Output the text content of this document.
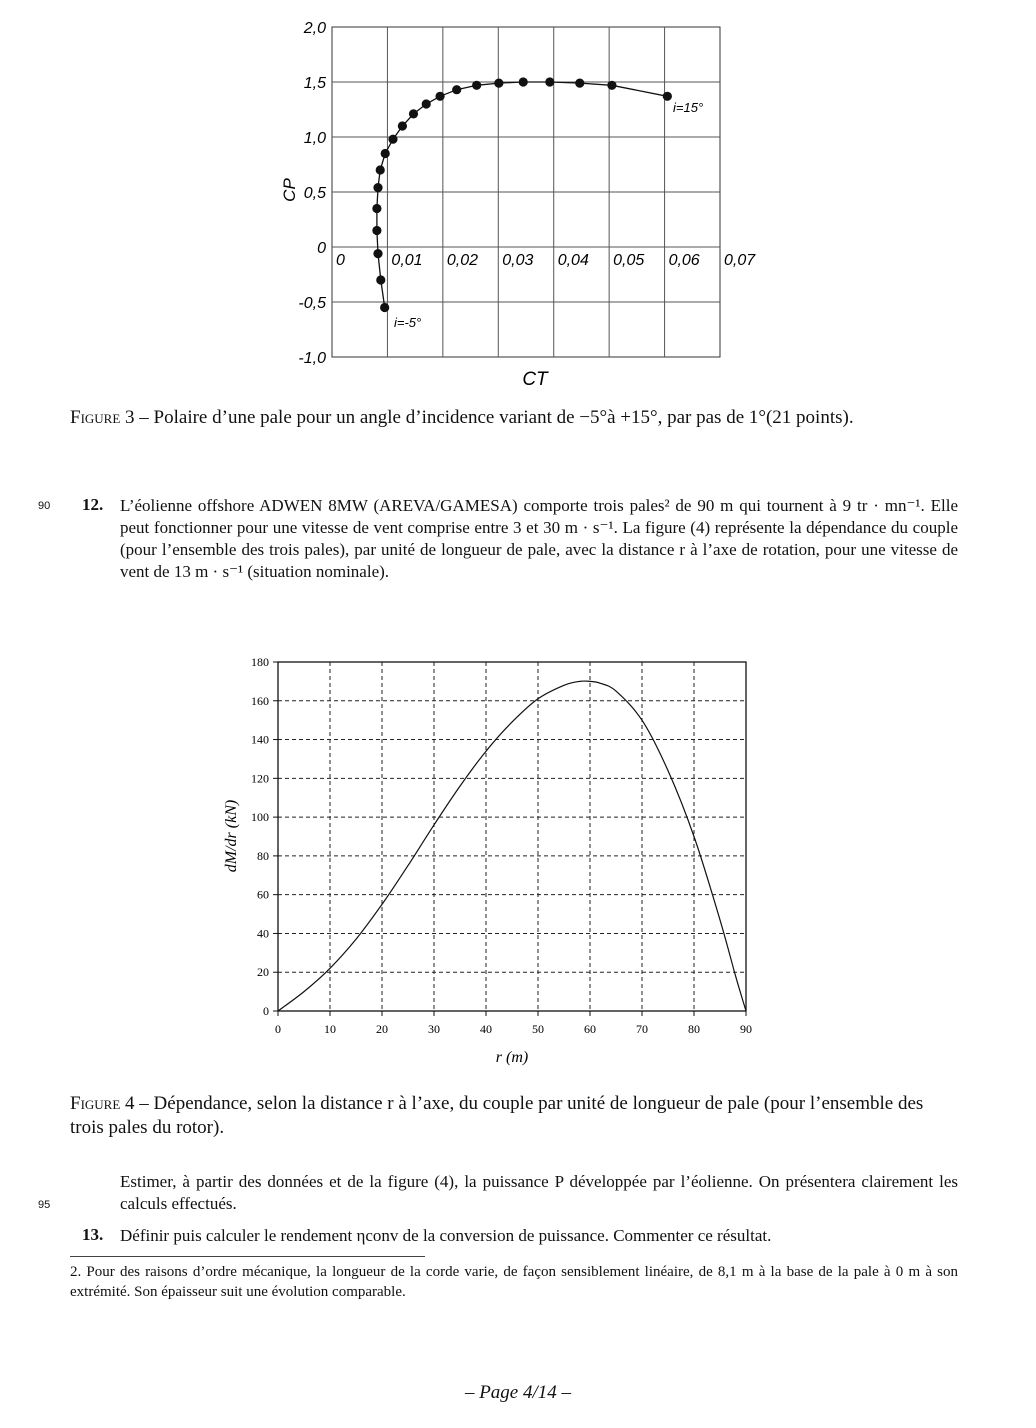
2,0
1,5
1,0
0,5
0
-0,5
-1,0
0	0,01 0,02 0,03 0,04 0,05 0,06 0,07
CP
CT
i=15°
i=-5°
Figure 3 – Polaire d’une pale pour un angle d’incidence variant de −5°à +15°, par pas de 1°(21 points).
90 12. L’éolienne offshore ADWEN 8MW (AREVA/GAMESA) comporte trois pales² de 90 m qui tournent à 9 tr · mn⁻¹. Elle peut fonctionner pour une vitesse de vent comprise entre 3 et 30 m · s⁻¹. La figure (4) représente la dépendance du couple (pour l’ensemble des trois pales), par unité de longueur de pale, avec la distance r à l’axe de rotation, pour une vitesse de vent de 13 m · s⁻¹ (situation nominale).
180
160
140
120
100
80
60
40
20
0
0	10	20	30	40	50	60	70	80	90
dM/dr (kN)
r (m)
Figure 4 – Dépendance, selon la distance r à l’axe, du couple par unité de longueur de pale (pour l’ensemble des trois pales du rotor).
Estimer, à partir des données et de la figure (4), la puissance P développée par l’éolienne. On présentera clairement les calculs effectués.
95
13. Définir puis calculer le rendement ηconv de la conversion de puissance. Commenter ce résultat.
2. Pour des raisons d’ordre mécanique, la longueur de la corde varie, de façon sensiblement linéaire, de 8,1 m à la base de la pale à 0 m à son extrémité. Son épaisseur suit une évolution comparable.
– Page 4/14 –
